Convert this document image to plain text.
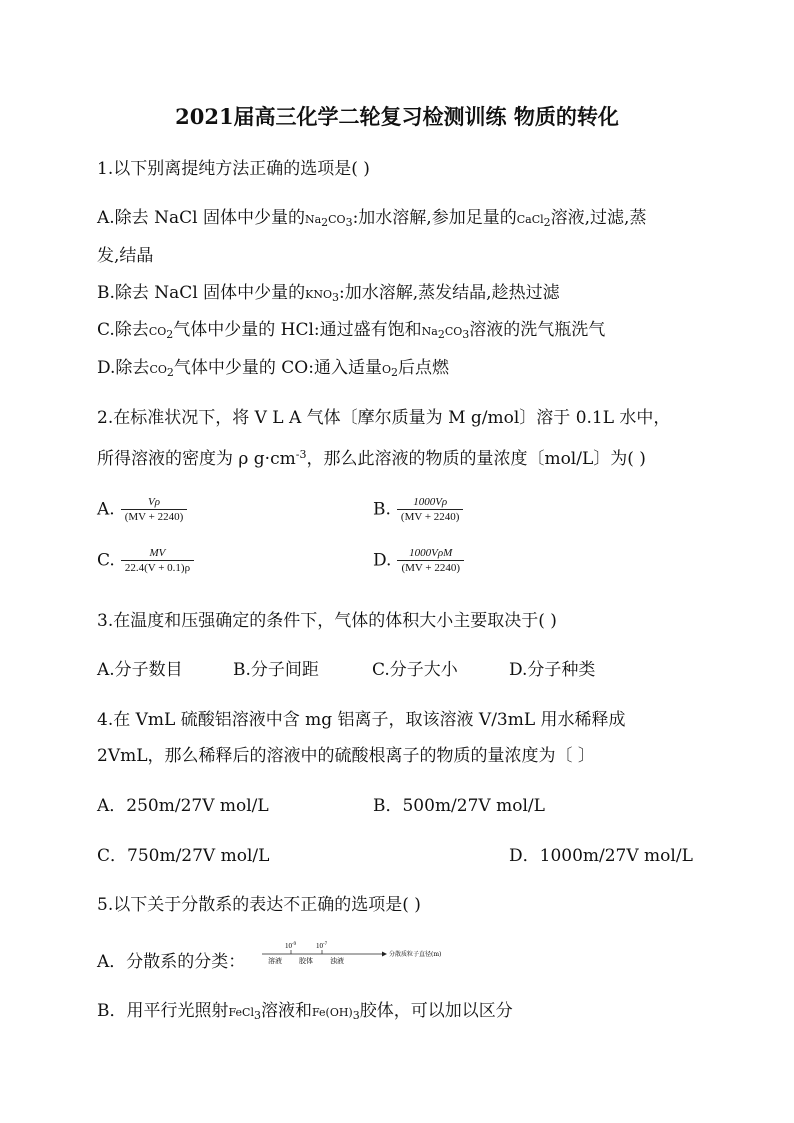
2021届高三化学二轮复习检测训练 物质的转化
1.以下别离提纯方法正确的选项是( )
A.除去 NaCl 固体中少量的$Na_2CO_3$:加水溶解,参加足量的CaCl$_2$溶液,过滤,蒸
发,结晶
B.除去 NaCl 固体中少量的$KNO_3$:加水溶解,蒸发结晶,趁热过滤
C.除去$CO_2$气体中少量的 HCl:通过盛有饱和$Na_2CO_3$溶液的洗气瓶洗气
D.除去$CO_2$气体中少量的 CO:通入适量$O_2$后点燃
2.在标准状况下，将 V L A 气体〔摩尔质量为 M g/mol〕溶于 0.1L 水中，
所得溶液的密度为 ρ $g\cdot cm^{-3}$，那么此溶液的物质的量浓度〔mol/L〕为( )
A. $\frac{V\rho}{(MV + 2240)}$	B. $\frac{1000V\rho}{(MV + 2240)}$
C. $\frac{MV}{22.4(V + 0.1)\rho}$	D. $\frac{\text{1000VρM}}{(MV + 2240)}$
3.在温度和压强确定的条件下，气体的体积大小主要取决于( )
A.分子数目	B.分子间距	C.分子大小	D.分子种类
4.在 VmL 硫酸铝溶液中含 mg 铝离子，取该溶液 V/3mL 用水稀释成
2VmL，那么稀释后的溶液中的硫酸根离子的物质的量浓度为〔 〕
A．250m/27V mol/L	B．500m/27V mol/L
C．750m/27V mol/L	D．1000m/27V mol/L
5.以下关于分散系的表达不正确的选项是( )
A．分散系的分类：
$10^{-9}$	$10^{-7}$
溶液 胶体 浊液
分散质粒子直径(m)
B．用平行光照射FeCl$_3$溶液和$Fe(OH)_3$胶体，可以加以区分
